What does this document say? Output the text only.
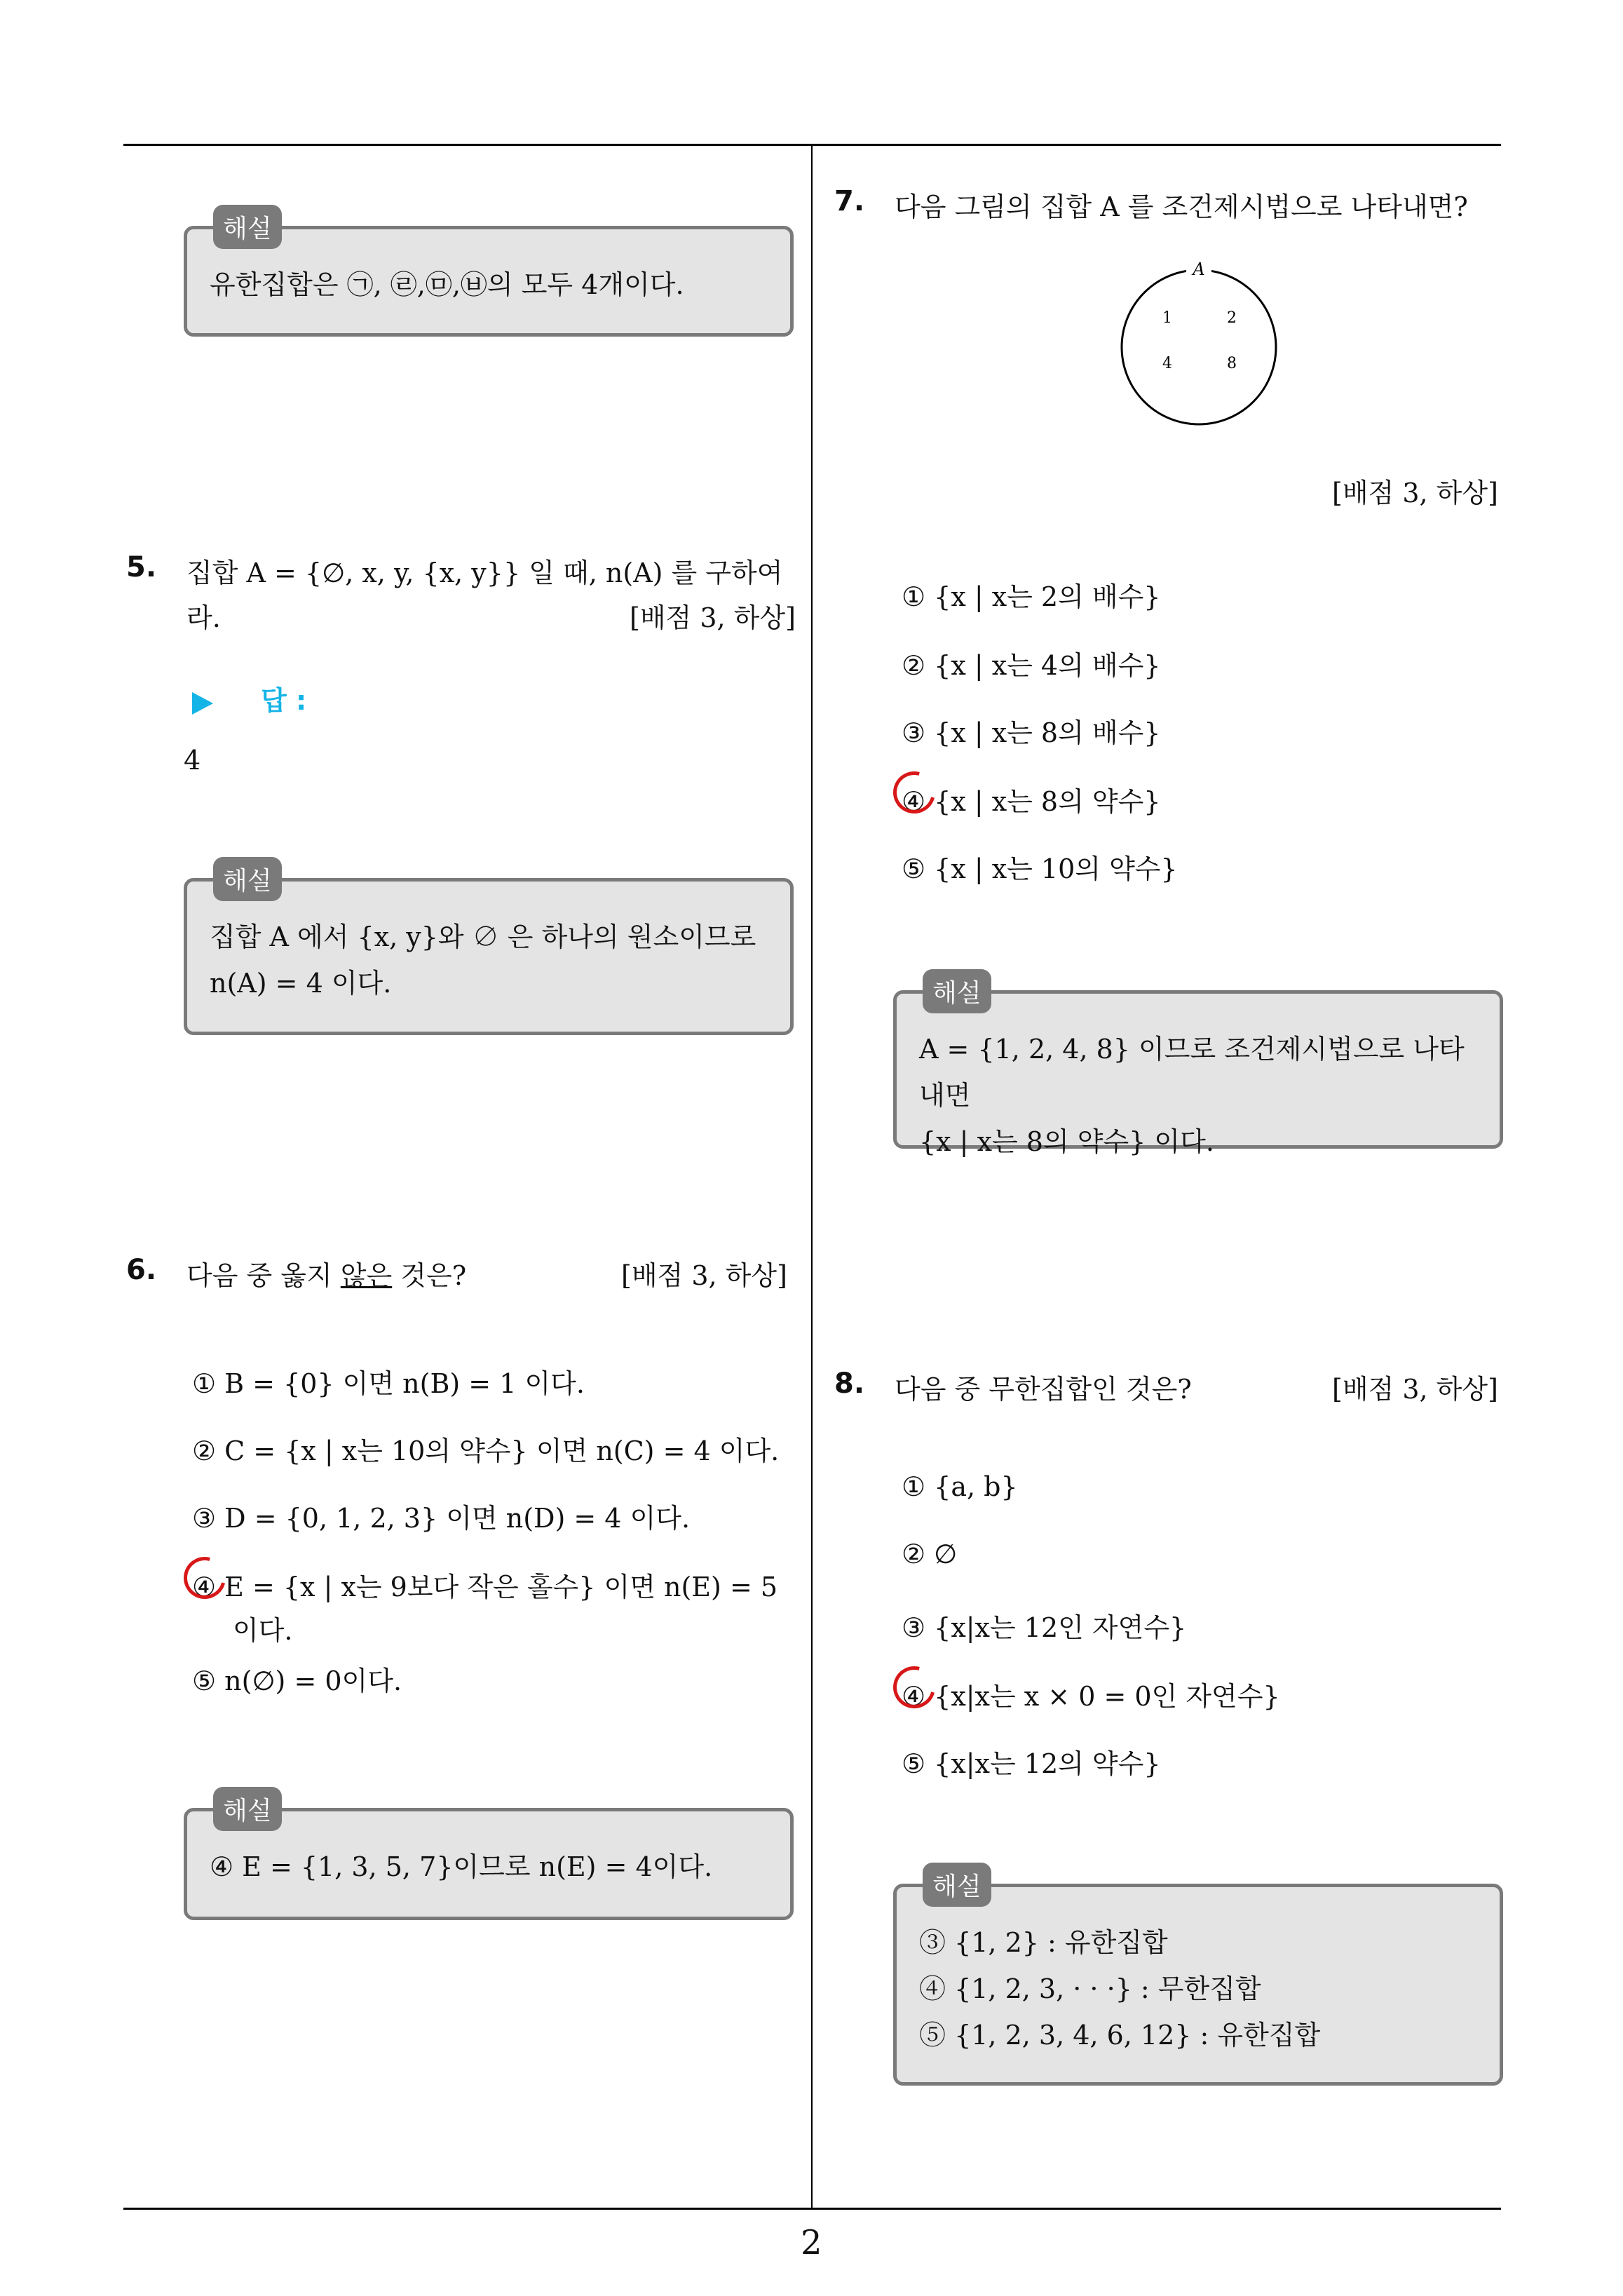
2
유한집합은 ㉠, ㉣,㉤,㉥의 모두 4개이다.
해설
5. 집합 A = {∅, x, y, {x, y}} 일 때, n(A) 를 구하여
라.	[배점 3, 하상]
답 :
4
집합 A 에서 {x, y}와 ∅ 은 하나의 원소이므로
n(A) = 4 이다.
해설
6. 다음 중 옳지 않은 것은?	[배점 3, 하상]
① B = {0} 이면 n(B) = 1 이다.
② C = {x | x는 10의 약수} 이면 n(C) = 4 이다.
③ D = {0, 1, 2, 3} 이면 n(D) = 4 이다.
④ E = {x | x는 9보다 작은 홀수} 이면 n(E) = 5
이다.
⑤ n(∅) = 0이다.
④ E = {1, 3, 5, 7}이므로 n(E) = 4이다.
해설
7. 다음 그림의 집합 A 를 조건제시법으로 나타내면?
A
1	2
4	8
[배점 3, 하상]
① {x | x는 2의 배수}
② {x | x는 4의 배수}
③ {x | x는 8의 배수}
④ {x | x는 8의 약수}
⑤ {x | x는 10의 약수}
A = {1, 2, 4, 8} 이므로 조건제시법으로 나타내면
{x | x는 8의 약수} 이다.
해설
8. 다음 중 무한집합인 것은?	[배점 3, 하상]
① {a, b}
② ∅
③ {x|x는 12인 자연수}
④ {x|x는 x × 0 = 0인 자연수}
⑤ {x|x는 12의 약수}
③ {1, 2} : 유한집합
④ {1, 2, 3, · · ·} : 무한집합
⑤ {1, 2, 3, 4, 6, 12} : 유한집합
해설
